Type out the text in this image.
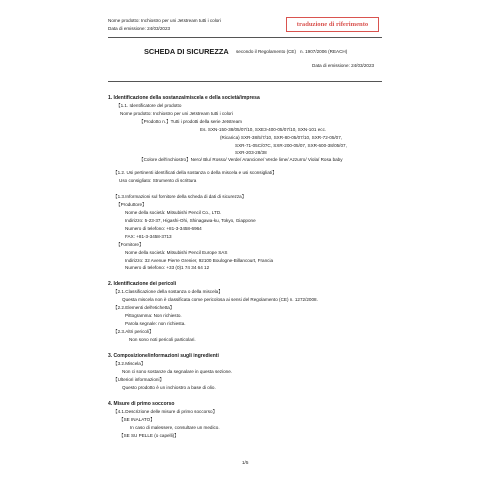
Nome prodotto: Inchiostro per uni Jetstream tutti i colori
Data di emissione: 24/03/2023
traduzione di riferimento
SCHEDA DI SICUREZZA secondo il Regolamento (CE) n. 1907/2006 (REACH)
Data di emissione: 24/03/2023
1. Identificazione della sostanza/miscela e della società/impresa
【1.1. Identificatore del prodotto
Nome prodotto: Inchiostro per uni Jetstream tutti i colori
【Prodotto n.】Tutti i prodotti della serie Jetstream
Es. SXN-150-38/05/07/10, SXE3-400-05/07/10, SXN-101 ecc.
(Ricarica) SXR-38/5/7/10, SXR-80-05/07/10, SXR-72-05/07,
SXR-71-05C/07C, SXR-200-05/07, SXR-600-38/05/07,
SXR-203-28/38
【Colore dell'inchiostro】Nero/ Blu/ Rosso/ Verde/ Arancione/ Verde lime/ Azzurro/ Viola/ Rosa baby
【1.2. Usi pertinenti identificati della sostanza o della miscela e usi sconsigliati】
Uso consigliato: Strumento di scrittura
【1.3.Informazioni sul fornitore della scheda di dati di sicurezza】
【Produttore】
Nome della società: Mitsubishi Pencil Co., LTD.
Indirizzo: 5-23-37, Higashi-Ohi, Shinagawa-ku, Tokyo, Giappone
Numero di telefono: +81-3-3458-6964
FAX: +81-3-3458-3713
【Fornitore】
Nome della società: Mitsubishi Pencil Europe SAS
Indirizzo: 32 Avenue Pierre Grenier, 92100 Boulogne-Billancourt, Francia
Numero di telefono: +33 (0)1 74 34 64 12
2. Identificazione dei pericoli
【2.1.Classificazione della sostanza o della miscela】
Questa miscela non è classificata come pericolosa ai sensi del Regolamento (CE) n. 1272/2008.
【2.2.Elementi dell'etichetta】
Pittogramma: Non richiesto.
Parola segnale: non richiesta.
【2.3.Altri pericoli】
Non sono noti pericoli particolari.
3. Composizione/informazioni sugli ingredienti
【3.2.Miscela】
Non ci sono sostanze da segnalare in questa sezione.
【Ulteriori informazioni】
Questo prodotto è un inchiostro a base di olio.
4. Misure di primo soccorso
【4.1.Descrizione delle misure di primo soccorso】
【SE INALATO】
In caso di malessere, consultare un medico.
【SE SU PELLE (o capelli)】
1/5
